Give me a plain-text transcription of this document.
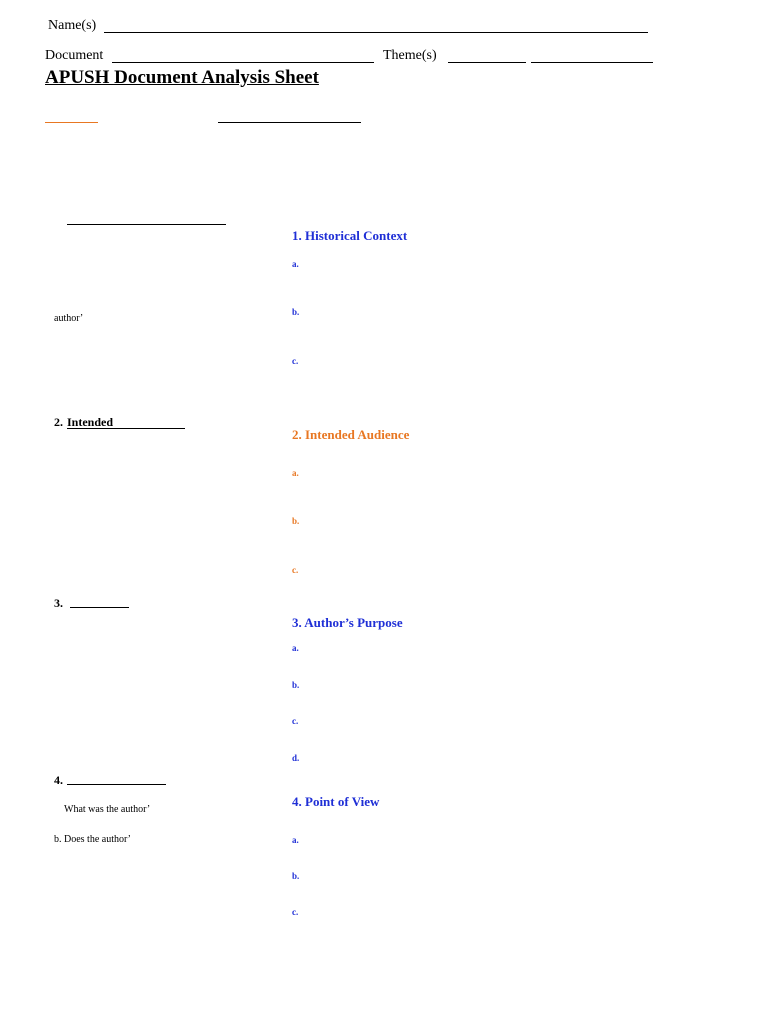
Name(s)
Document	Theme(s)
APUSH Document Analysis Sheet
author’
2. Intended
3.
4.
What was the author’
b. Does the author’
1. Historical Context
a.
b.
c.
2. Intended Audience
a.
b.
c.
3. Author’s Purpose
a.
b.
c.
d.
4. Point of View
a.
b.
c.
